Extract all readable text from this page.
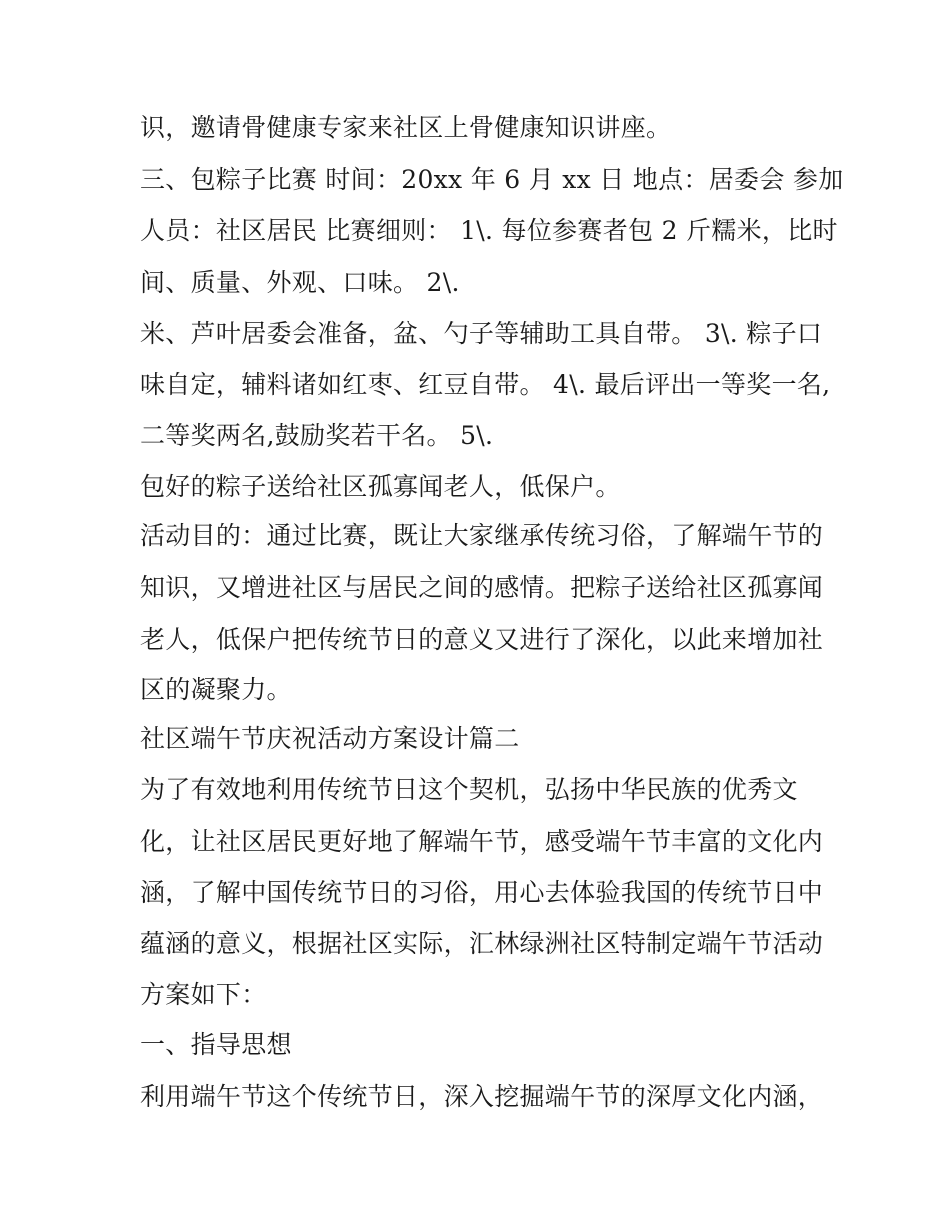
识，邀请骨健康专家来社区上骨健康知识讲座。
三、包粽子比赛 时间：20xx 年 6 月 xx 日 地点：居委会 参加
人员：社区居民 比赛细则： 1\. 每位参赛者包 2 斤糯米，比时
间、质量、外观、口味。 2\.
米、芦叶居委会准备，盆、勺子等辅助工具自带。 3\. 粽子口
味自定，辅料诸如红枣、红豆自带。 4\. 最后评出一等奖一名,
二等奖两名,鼓励奖若干名。 5\.
包好的粽子送给社区孤寡闻老人，低保户。
活动目的：通过比赛，既让大家继承传统习俗，了解端午节的
知识，又增进社区与居民之间的感情。把粽子送给社区孤寡闻
老人，低保户把传统节日的意义又进行了深化，以此来增加社
区的凝聚力。
社区端午节庆祝活动方案设计篇二
为了有效地利用传统节日这个契机，弘扬中华民族的优秀文
化，让社区居民更好地了解端午节，感受端午节丰富的文化内
涵，了解中国传统节日的习俗，用心去体验我国的传统节日中
蕴涵的意义，根据社区实际，汇林绿洲社区特制定端午节活动
方案如下：
一、指导思想
利用端午节这个传统节日，深入挖掘端午节的深厚文化内涵，
